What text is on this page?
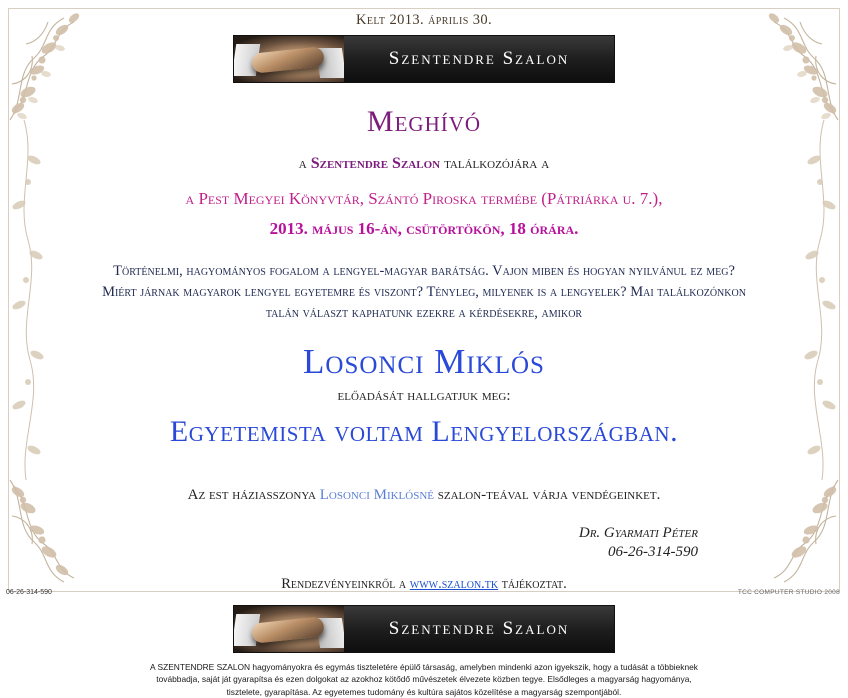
Kelt 2013. április 30.
Szentendre Szalon
Meghívó
a Szentendre Szalon találkozójára a
a Pest Megyei Könyvtár, Szántó Piroska termébe (Pátriárka u. 7.),
2013. május 16-án, csütörtökön, 18 órára.
Történelmi, hagyományos fogalom a lengyel-magyar barátság. Vajon miben és hogyan nyilvánul ez meg? Miért járnak magyarok lengyel egyetemre és viszont? Tényleg, milyenek is a lengyelek? Mai találkozónkon talán választ kaphatunk ezekre a kérdésekre, amikor
Losonci Miklós
előadását hallgatjuk meg:
Egyetemista voltam Lengyelországban.
Az est háziasszonya Losonci Miklósné szalon-teával várja vendégeinket.
Dr. Gyarmati Péter
06-26-314-590
Rendezvényeinkről a www.szalon.tk tájékoztat.
Szentendre Szalon
A SZENTENDRE SZALON hagyományokra és egymás tiszteletére épülő társaság, amelyben mindenki azon igyekszik, hogy a tudását a többieknek továbbadja, saját ját gyarapítsa és ezen dolgokat az azokhoz kötődő művészetek élvezete közben tegye. Elsődleges a magyarság hagyománya, tisztelete, gyarapítása. Az egyetemes tudomány és kultúra sajátos közelítése a magyarság szempontjából.
06-26-314-590	TCC COMPUTER STUDIO 2008
